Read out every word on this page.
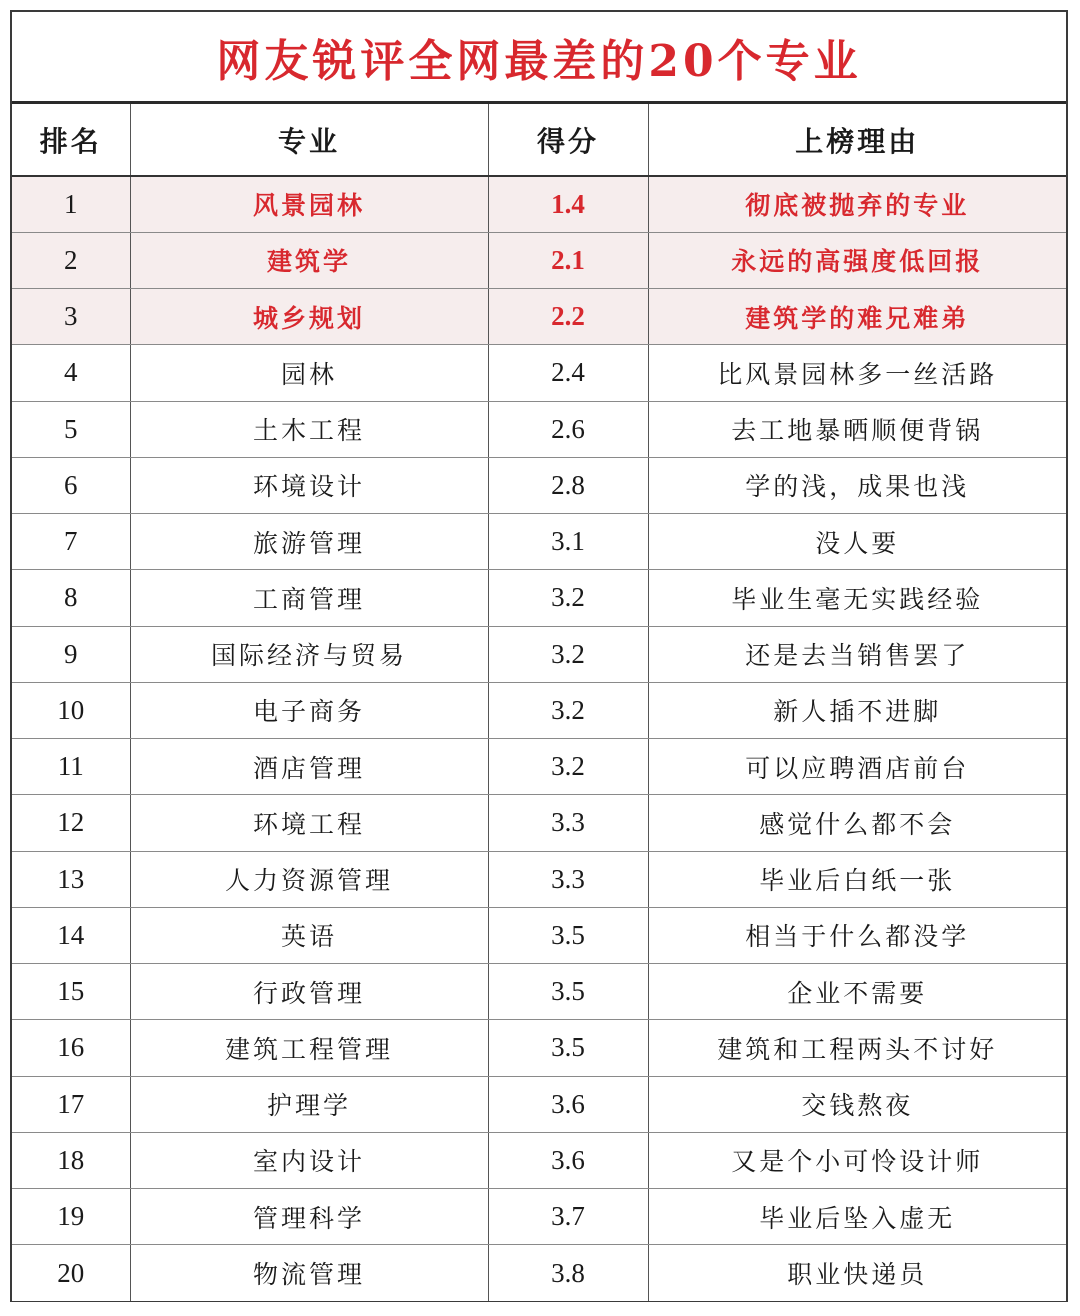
网友锐评全网最差的20个专业
排名	专业	得分	上榜理由
1	风景园林	1.4	彻底被抛弃的专业
2	建筑学	2.1	永远的高强度低回报
3	城乡规划	2.2	建筑学的难兄难弟
4	园林	2.4	比风景园林多一丝活路
5	土木工程	2.6	去工地暴晒顺便背锅
6	环境设计	2.8	学的浅，成果也浅
7	旅游管理	3.1	没人要
8	工商管理	3.2	毕业生毫无实践经验
9	国际经济与贸易	3.2	还是去当销售罢了
10	电子商务	3.2	新人插不进脚
11	酒店管理	3.2	可以应聘酒店前台
12	环境工程	3.3	感觉什么都不会
13	人力资源管理	3.3	毕业后白纸一张
14	英语	3.5	相当于什么都没学
15	行政管理	3.5	企业不需要
16	建筑工程管理	3.5	建筑和工程两头不讨好
17	护理学	3.6	交钱熬夜
18	室内设计	3.6	又是个小可怜设计师
19	管理科学	3.7	毕业后坠入虚无
20	物流管理	3.8	职业快递员
